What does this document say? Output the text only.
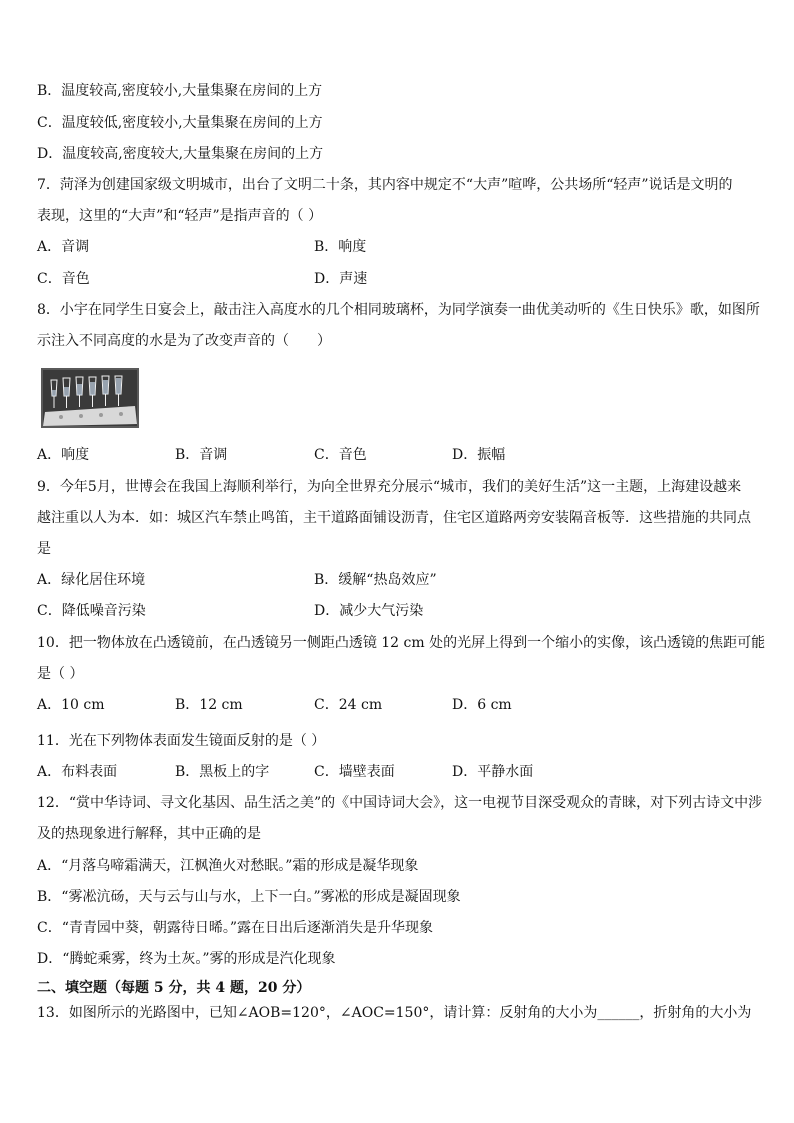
B．温度较高,密度较小,大量集聚在房间的上方
C．温度较低,密度较小,大量集聚在房间的上方
D．温度较高,密度较大,大量集聚在房间的上方
7．菏泽为创建国家级文明城市，出台了文明二十条，其内容中规定不“大声”喧哗，公共场所“轻声”说话是文明的
表现，这里的“大声”和“轻声”是指声音的（ ）
A．音调	B．响度
C．音色	D．声速
8．小宇在同学生日宴会上，敲击注入高度水的几个相同玻璃杯，为同学演奏一曲优美动听的《生日快乐》歌，如图所
示注入不同高度的水是为了改变声音的（　　）
A．响度	B．音调	C．音色	D．振幅
9．今年5月，世博会在我国上海顺利举行，为向全世界充分展示“城市，我们的美好生活”这一主题，上海建设越来
越注重以人为本．如：城区汽车禁止鸣笛，主干道路面铺设沥青，住宅区道路两旁安装隔音板等．这些措施的共同点
是
A．绿化居住环境	B．缓解“热岛效应”
C．降低噪音污染	D．减少大气污染
10．把一物体放在凸透镜前，在凸透镜另一侧距凸透镜 12 cm 处的光屏上得到一个缩小的实像，该凸透镜的焦距可能
是（ ）
A．10 cm	B．12 cm	C．24 cm	D．6 cm
11．光在下列物体表面发生镜面反射的是（ ）
A．布料表面	B．黑板上的字	C．墙壁表面	D．平静水面
12．“赏中华诗词、寻文化基因、品生活之美”的《中国诗词大会》，这一电视节目深受观众的青睐，对下列古诗文中涉
及的热现象进行解释，其中正确的是
A．“月落乌啼霜满天，江枫渔火对愁眠。”霜的形成是凝华现象
B．“雾凇沆砀，天与云与山与水，上下一白。”雾凇的形成是凝固现象
C．“青青园中葵，朝露待日晞。”露在日出后逐渐消失是升华现象
D．“腾蛇乘雾，终为土灰。”雾的形成是汽化现象
二、填空题（每题 5 分，共 4 题，20 分）
13．如图所示的光路图中，已知∠AOB=120°，∠AOC=150°，请计算：反射角的大小为______，折射角的大小为
